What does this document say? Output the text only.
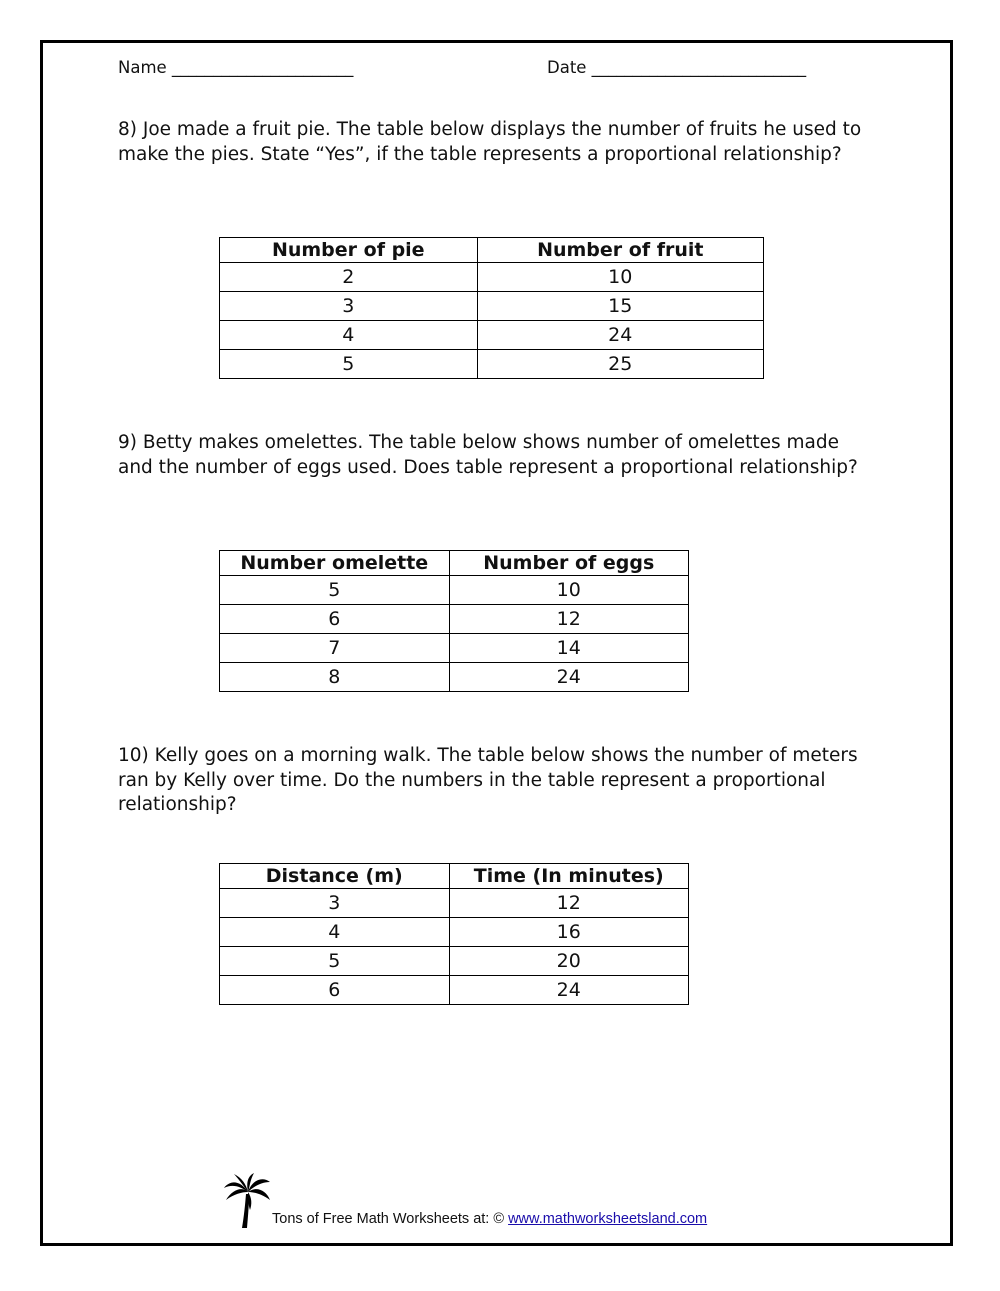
Name ______________________	Date __________________________
8) Joe made a fruit pie. The table below displays the number of fruits he used to make the pies. State “Yes”, if the table represents a proportional relationship?
Number of pie	Number of fruit
2	10
3	15
4	24
5	25
9) Betty makes omelettes. The table below shows number of omelettes made and the number of eggs used. Does table represent a proportional relationship?
Number omelette	Number of eggs
5	10
6	12
7	14
8	24
10) Kelly goes on a morning walk. The table below shows the number of meters ran by Kelly over time. Do the numbers in the table represent a proportional relationship?
Distance (m)	Time (In minutes)
3	12
4	16
5	20
6	24
Tons of Free Math Worksheets at: © www.mathworksheetsland.com
